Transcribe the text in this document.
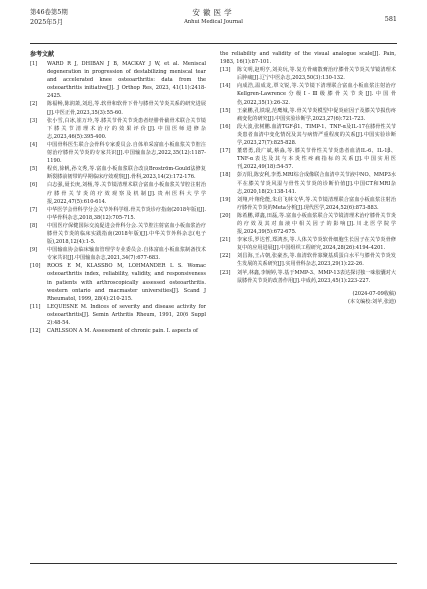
第46卷第5期
2025年5月
安徽医学
Anhui Medical Journal	581
参考文献
[1]	WARD R J, DHIBAN J B, MACKAY J W, et al. Meniscal degeneration in progression of destabilizing meniscal tear and accelerated knee osteoarthritis: data from the osteoarthritis initiative[J]. J Orthop Res, 2023, 41(11):2418-2425.
[2]	陈福畅,陈润萧,刘迅,等.软骨和软骨下骨与膝骨关节炎关系的研究进展[J].中医正骨,2023,35(3):55-60.
[3]	张小雪,白冰,崔万玲,等.膝关节骨关节炎患者经腓骨截骨术联合关节镜下膝关节清理术治疗的效果评价[J].中国医师进修杂志,2023,46(5):395-400.
[4]	中国骨科医生联合会骨科专家委员会.自体单采富血小板血浆关节腔注射治疗膝骨关节炎的专家共识[J].中国输血杂志,2022,35(12):1187-1190.
[5]	程贲,徐帆,孙文秀,等.富血小板血浆联合改良Broström-Gould法修复断裂膝前韧带的早期临床疗效观察[J].骨科,2023,14(2):172-176.
[6]	白志强,聂长庚,刘杨,等.关节镜清理术联合富血小板血浆关节腔注射治疗膝骨关节炎的疗效观察及机制[J].贵州医科大学学报,2022,47(5):610-614.
[7]	中华医学会骨科学分会关节外科学组.骨关节炎诊疗指南(2018年版)[J].中华骨科杂志,2018,38(12):705-715.
[8]	中国医疗保健国际交流促进会骨科分会.关节腔注射富血小板血浆治疗膝骨关节炎的临床实践指南(2018年版)[J].中华关节外科杂志(电子版),2018,12(4):1-5.
[9]	中国输血协会临床输血管理学专业委员会.自体富血小板血浆制备技术专家共识[J].中国输血杂志,2021,34(7):677-683.
[10]	ROOS E M, KLASSBO M, LOHMANDER L S. Womac osteoarthritis index, reliability, validity, and responsiveness in patients with arthroscopically assessed osteoarthritis. western ontario and macmaster universities[J]. Scand J Rheumatol, 1999, 28(4):210-215.
[11]	LEQUESNE M. Indices of severity and disease activity for osteoarthritis[J]. Semin Arthritis Rheum, 1991, 20(6 Suppl 2):48-54.
[12]	CARLSSON A M. Assessment of chronic pain. I. aspects of

the reliability and validity of the visual analogue scale[J]. Pain, 1983, 16(1):87-101.

[13]	陈文明,赵明亨,刘美玩,等.复方骨痛散膏治疗膝骨关节炎关节镜清理术后肿痛[J].辽宁中医杂志,2023,50(3):130-132.
[14]	向成浩,温成龙,覃文锐,等.关节镜下清理联合富血小板血浆注射治疗Kellgren-Lawrence分级Ⅰ-Ⅲ级膝骨关节炎[J].中国骨伤,2022,35(1):26-32.
[15]	王豪鹏,孔铁琨,范鹰城,等.骨关节炎模型中促炎症因子及膝关节损伤疼痛变化的研究[J].中国实验诊断学,2023,27(6):721-723.
[16]	段大波,张树鹏.血清TGF-β1、TIMP-1、TNF-α及IL-17在膝骨性关节炎患者血清中变化情况及其与病情严重程度的关系[J].中国实验诊断学,2023,27(7):825-828.
[17]	董碧勇,段广斌,蔡淼,等.膝关节骨性关节炎患者血清IL-6、IL-1β、TNF-α表达及其与本炎性疼痛指标的关系[J].中国实用医刊,2022,49(18):54-57.
[18]	彭万阳,陈安利,李勇.MRI综合成像联合血清中关节液中NO、MMP3水平在膝关节炎风湿与骨性关节炎的诊断价值[J].中国CT和MRI杂志,2020,18(2):138-141.
[19]	刘翔,叶翔伦能,朱启飞林文华,等.关节镜清理联合富血小板血浆注射治疗膝骨关节炎的Meta分析[J].现代医学,2024,52(6):873-883.
[20]	陈希鹏,谭鑫,田磊,等.富血小板血浆联合关节镜清理术治疗膝骨关节炎的疗效及其对血液中相关因子的影响[J].川北医学院学报,2024,39(5):672-675.
[21]	李家乐,罗达哲,郑鸿杰,等.人体关节炎软骨细胞生长因子在关节炎骨修复中的应用进展[J].中国组织工程研究,2024,28(26):4194-4201.
[22]	刘昌海,王占朝,张豪杰,等.血清软骨寡聚基质蛋白水平与膝骨关节炎发生发展的关系研究[J].实用骨科杂志,2023,29(1):22-26.
[23]	刘苹,林鑫,李婉婷,等.基于MMP-3、MMP-13表达探讨独一味胶囊对大鼠膝骨关节炎的改善作用[J].中成药,2023,45(1):223-227.
(2024-07-09收稿)
(本文编校:刘苹,张迪)
